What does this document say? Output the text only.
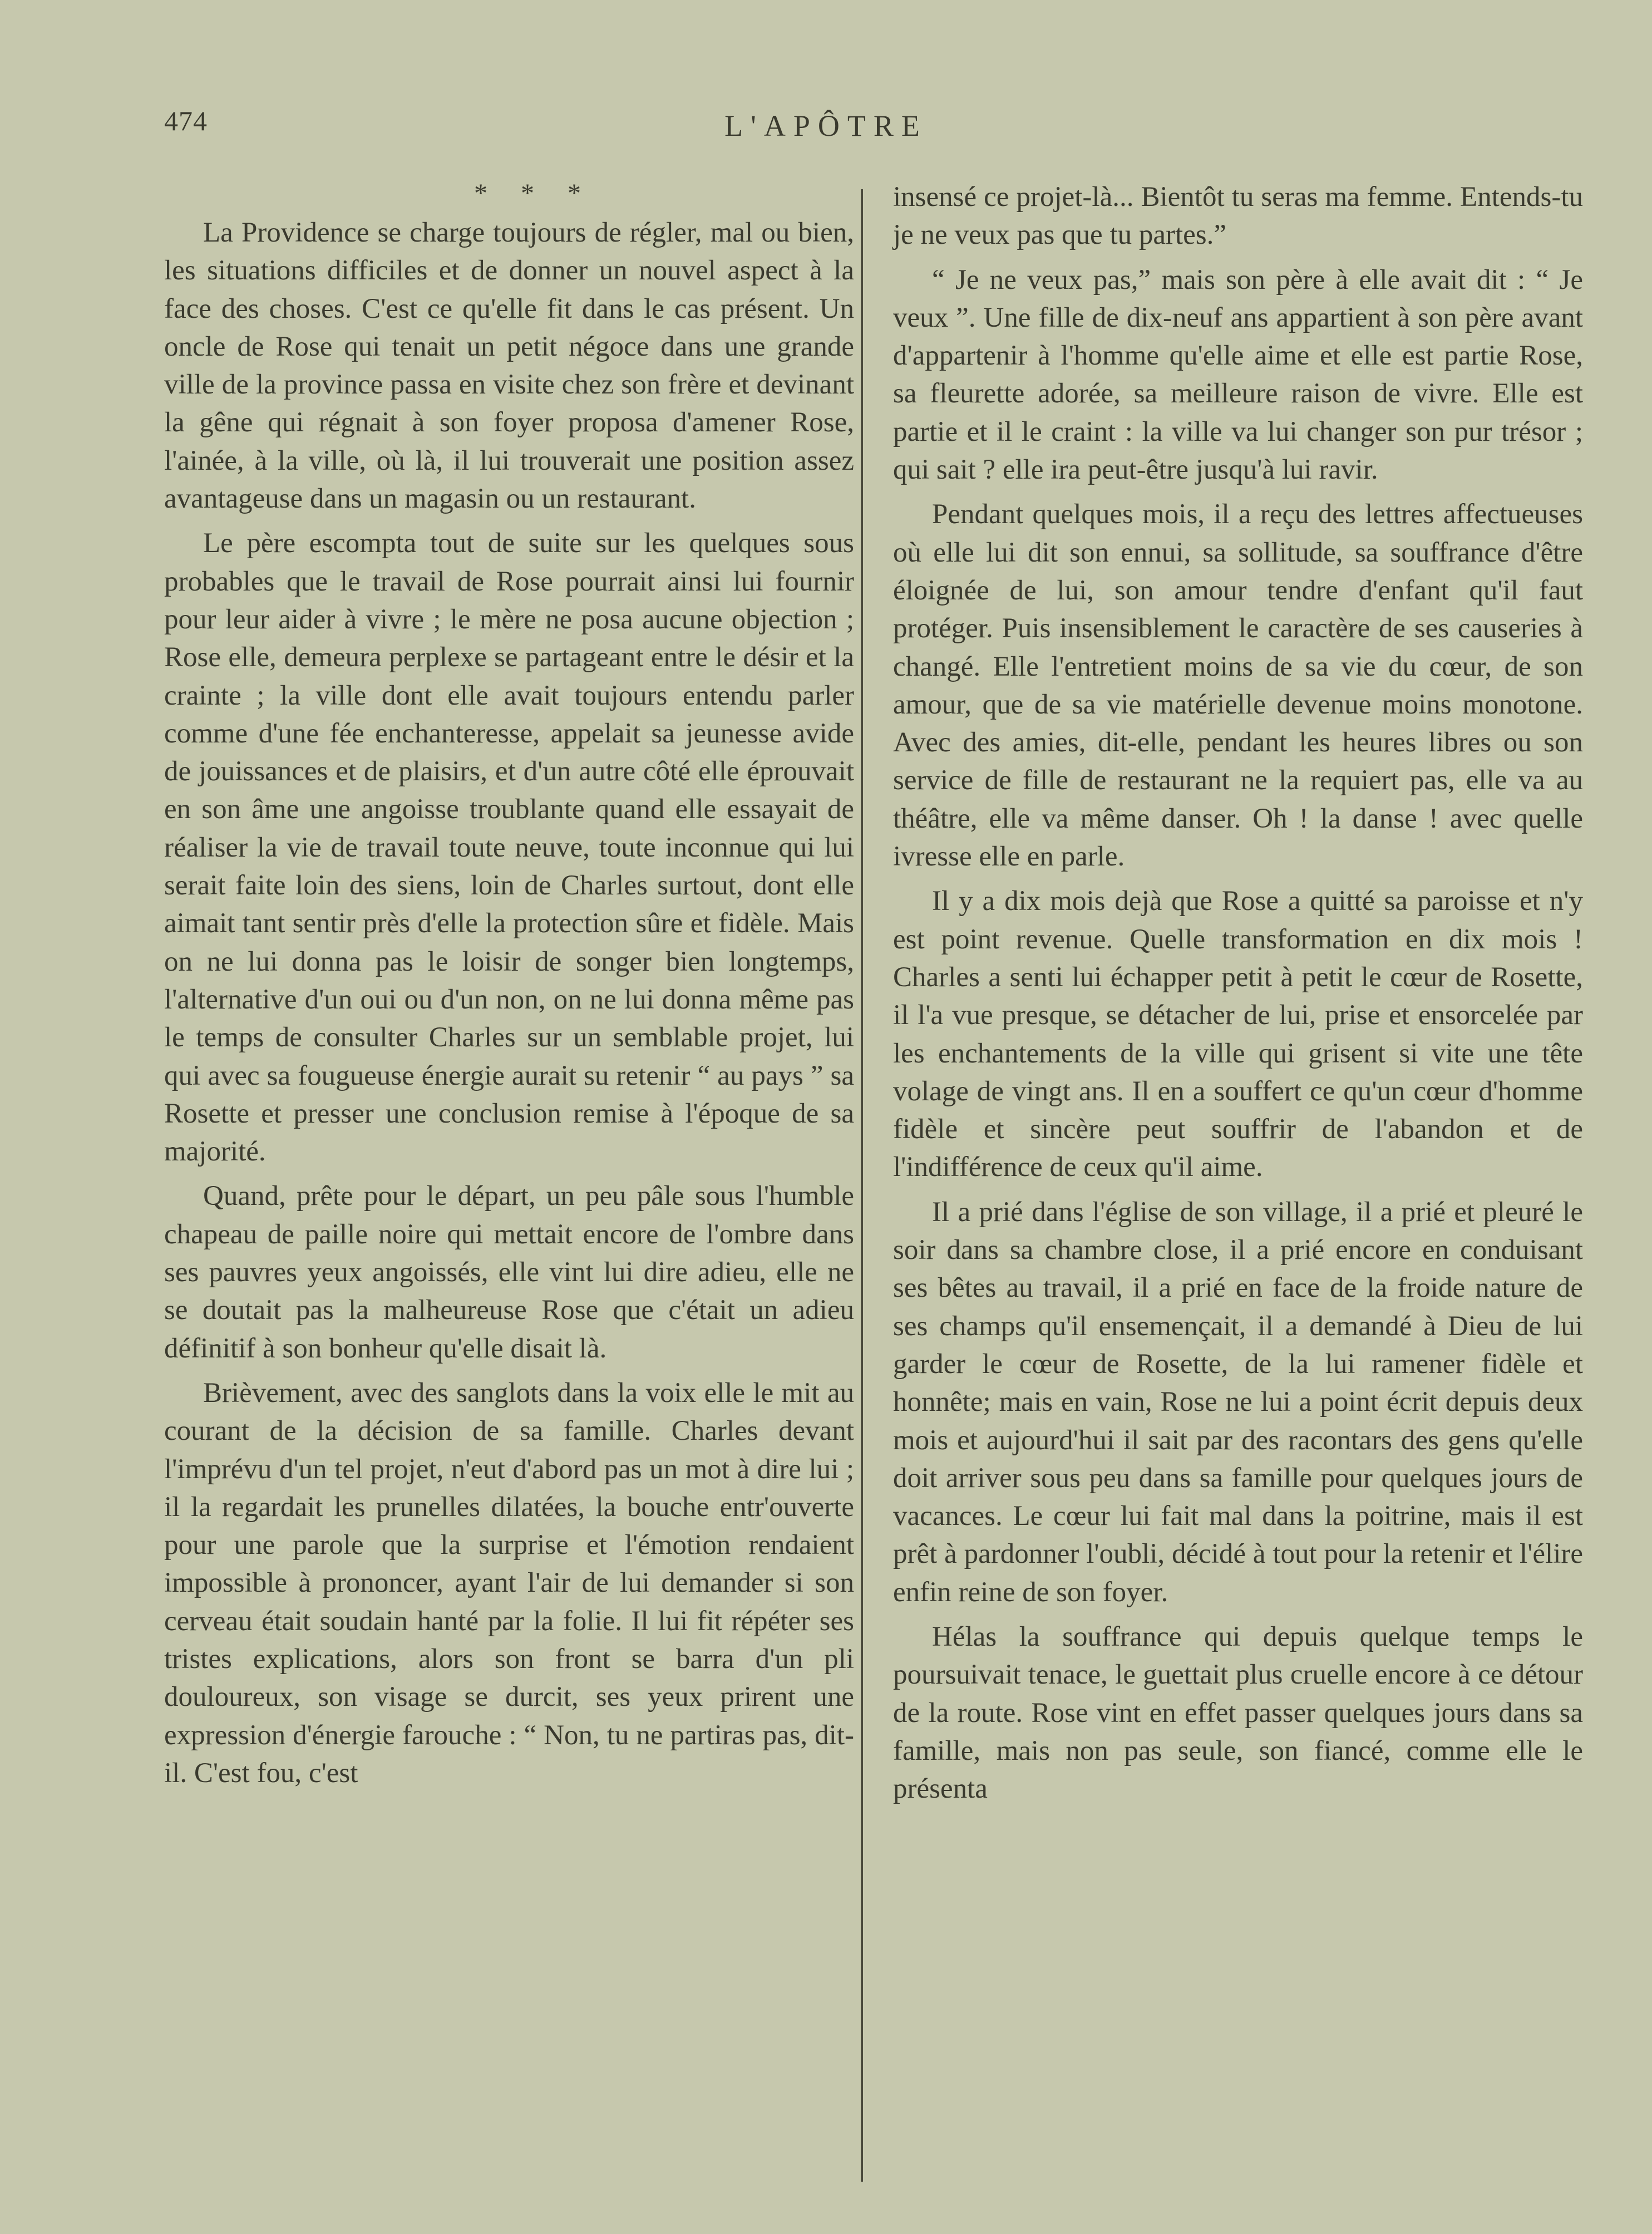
474	L'APÔTRE
* * *

La Providence se charge toujours de régler, mal ou bien, les situations difficiles et de donner un nouvel aspect à la face des choses. C'est ce qu'elle fit dans le cas présent. Un oncle de Rose qui tenait un petit négoce dans une grande ville de la province passa en visite chez son frère et devinant la gêne qui régnait à son foyer proposa d'amener Rose, l'ainée, à la ville, où là, il lui trouverait une position assez avantageuse dans un magasin ou un restaurant.

Le père escompta tout de suite sur les quelques sous probables que le travail de Rose pourrait ainsi lui fournir pour leur aider à vivre ; le mère ne posa aucune objection ; Rose elle, demeura perplexe se partageant entre le désir et la crainte ; la ville dont elle avait toujours entendu parler comme d'une fée enchanteresse, appelait sa jeunesse avide de jouissances et de plaisirs, et d'un autre côté elle éprouvait en son âme une angoisse troublante quand elle essayait de réaliser la vie de travail toute neuve, toute inconnue qui lui serait faite loin des siens, loin de Charles surtout, dont elle aimait tant sentir près d'elle la protection sûre et fidèle. Mais on ne lui donna pas le loisir de songer bien longtemps, l'alternative d'un oui ou d'un non, on ne lui donna même pas le temps de consulter Charles sur un semblable projet, lui qui avec sa fougueuse énergie aurait su retenir “ au pays ” sa Rosette et presser une conclusion remise à l'époque de sa majorité.

Quand, prête pour le départ, un peu pâle sous l'humble chapeau de paille noire qui mettait encore de l'ombre dans ses pauvres yeux angoissés, elle vint lui dire adieu, elle ne se doutait pas la malheureuse Rose que c'était un adieu définitif à son bonheur qu'elle disait là.

Brièvement, avec des sanglots dans la voix elle le mit au courant de la décision de sa famille. Charles devant l'imprévu d'un tel projet, n'eut d'abord pas un mot à dire lui ; il la regardait les prunelles dilatées, la bouche entr'ouverte pour une parole que la surprise et l'émotion rendaient impossible à prononcer, ayant l'air de lui demander si son cerveau était soudain hanté par la folie. Il lui fit répéter ses tristes explications, alors son front se barra d'un pli douloureux, son visage se durcit, ses yeux prirent une expression d'énergie farouche : “ Non, tu ne partiras pas, dit-il. C'est fou, c'est

insensé ce projet-là... Bientôt tu seras ma femme. Entends-tu je ne veux pas que tu partes.”

“ Je ne veux pas,” mais son père à elle avait dit : “ Je veux ”. Une fille de dix-neuf ans appartient à son père avant d'appartenir à l'homme qu'elle aime et elle est partie Rose, sa fleurette adorée, sa meilleure raison de vivre. Elle est partie et il le craint : la ville va lui changer son pur trésor ; qui sait ? elle ira peut-être jusqu'à lui ravir.

Pendant quelques mois, il a reçu des lettres affectueuses où elle lui dit son ennui, sa sollitude, sa souffrance d'être éloignée de lui, son amour tendre d'enfant qu'il faut protéger. Puis insensiblement le caractère de ses causeries à changé. Elle l'entretient moins de sa vie du cœur, de son amour, que de sa vie matérielle devenue moins monotone. Avec des amies, dit-elle, pendant les heures libres ou son service de fille de restaurant ne la requiert pas, elle va au théâtre, elle va même danser. Oh ! la danse ! avec quelle ivresse elle en parle.

Il y a dix mois dejà que Rose a quitté sa paroisse et n'y est point revenue. Quelle transformation en dix mois ! Charles a senti lui échapper petit à petit le cœur de Rosette, il l'a vue presque, se détacher de lui, prise et ensorcelée par les enchantements de la ville qui grisent si vite une tête volage de vingt ans. Il en a souffert ce qu'un cœur d'homme fidèle et sincère peut souffrir de l'abandon et de l'indifférence de ceux qu'il aime.

Il a prié dans l'église de son village, il a prié et pleuré le soir dans sa chambre close, il a prié encore en conduisant ses bêtes au travail, il a prié en face de la froide nature de ses champs qu'il ensemençait, il a demandé à Dieu de lui garder le cœur de Rosette, de la lui ramener fidèle et honnête; mais en vain, Rose ne lui a point écrit depuis deux mois et aujourd'hui il sait par des racontars des gens qu'elle doit arriver sous peu dans sa famille pour quelques jours de vacances. Le cœur lui fait mal dans la poitrine, mais il est prêt à pardonner l'oubli, décidé à tout pour la retenir et l'élire enfin reine de son foyer.

Hélas la souffrance qui depuis quelque temps le poursuivait tenace, le guettait plus cruelle encore à ce détour de la route. Rose vint en effet passer quelques jours dans sa famille, mais non pas seule, son fiancé, comme elle le présenta
